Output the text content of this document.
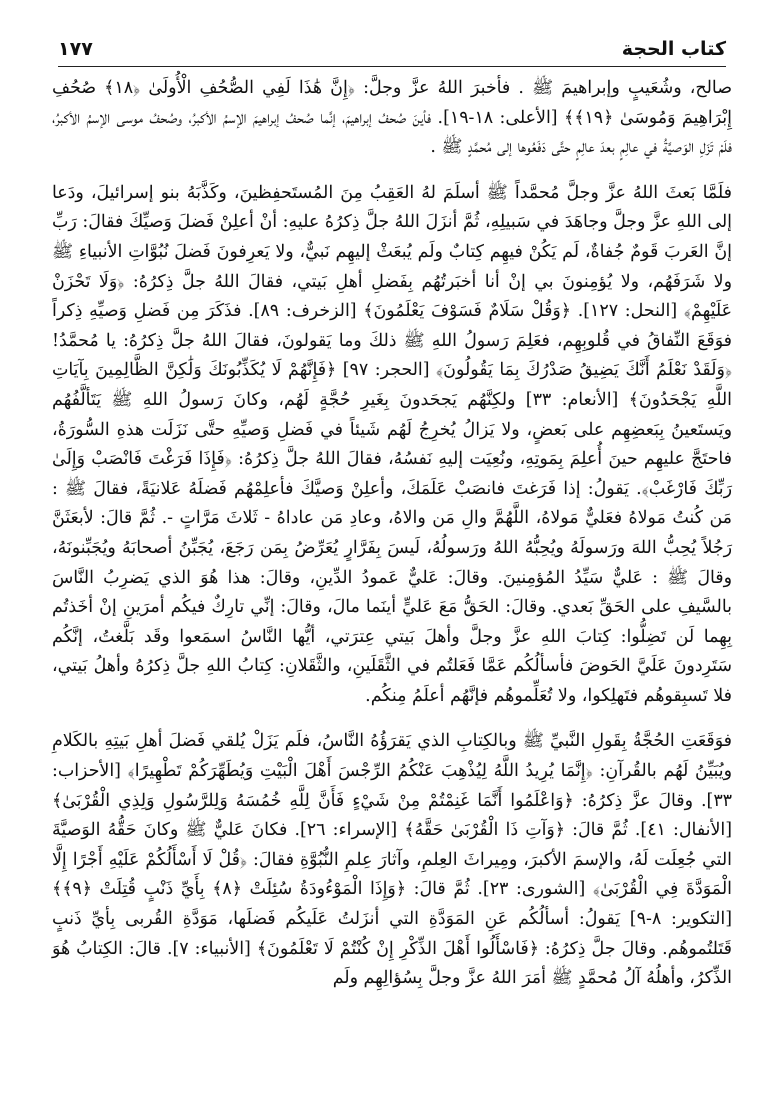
كتاب الحجة
١٧٧

صالح، وشُعَيبٍ وإبراهيمَ ﷺ . فأخبرَ اللهُ عزَّ وجلَّ: ﴿إِنَّ هَٰذَا لَفِي الصُّحُفِ الْأُولَىٰ ﴿١٨﴾ صُحُفِ إِبْرَاهِيمَ وَمُوسَىٰ ﴿١٩﴾﴾ [الأعلى: ١٨-١٩]. فأينَ صُحفُ إبراهيمَ، إنَّما صُحفُ إبراهيمَ الإسمُ الأكبرُ، وصُحفُ موسى الإسمُ الأكبرُ، فلَمْ تَزَلِ الوَصيَّةُ في عالِمٍ بعدَ عالِمٍ حتَّى دَفَعُوها إلى مُحمَّدٍ ﷺ .

فلَمَّا بَعثَ اللهُ عزَّ وجلَّ مُحمَّداً ﷺ أسلَمَ لهُ العَقِبُ مِنَ المُستَحفِظينَ، وكَذَّبَهُ بنو إسرائيلَ، ودَعا إلى اللهِ عزَّ وجلَّ وجاهَدَ في سَبيلِهِ، ثُمَّ أنزَلَ اللهُ جلَّ ذِكرُهُ عليهِ: أنْ أعلِنْ فَضلَ وَصيِّكَ فقالَ: رَبِّ إنَّ العَربَ قَومٌ جُفاةٌ، لَم يَكُنْ فيهِم كِتابٌ ولَم يُبعَثْ إليهِم نَبيٌّ، ولا يَعرِفونَ فَضلَ نُبُوَّاتِ الأنبياءِ ﷺ ولا شَرَفَهُم، ولا يُؤمِنونَ بي إنْ أنا أخبَرتُهُم بِفَضلِ أهلِ بَيتي، فقالَ اللهُ جلَّ ذِكرُهُ: ﴿وَلَا تَحْزَنْ عَلَيْهِمْ﴾ [النحل: ١٢٧]. ﴿وَقُلْ سَلَامٌ فَسَوْفَ يَعْلَمُونَ﴾ [الزخرف: ٨٩]. فذَكَرَ مِن فَضلِ وَصيِّهِ ذِكراً فوَقَعَ النِّفاقُ في قُلوبِهِم، فعَلِمَ رَسولُ اللهِ ﷺ ذلكَ وما يَقولونَ، فقالَ اللهُ جلَّ ذِكرُهُ: يا مُحمَّدُ! ﴿وَلَقَدْ نَعْلَمُ أَنَّكَ يَضِيقُ صَدْرُكَ بِمَا يَقُولُونَ﴾ [الحجر: ٩٧] ﴿فَإِنَّهُمْ لَا يُكَذِّبُونَكَ وَلَٰكِنَّ الظَّالِمِينَ بِآيَاتِ اللَّهِ يَجْحَدُونَ﴾ [الأنعام: ٣٣] ولكِنَّهُم يَجحَدونَ بِغَيرِ حُجَّةٍ لَهُم، وكانَ رَسولُ اللهِ ﷺ يَتَألَّفُهُم ويَستَعينُ بِبَعضِهِم على بَعضٍ، ولا يَزالُ يُخرِجُ لَهُم شَيئاً في فَضلِ وَصيِّهِ حتَّى نَزَلَت هذهِ السُّورَةُ، فاحتَجَّ عليهِم حينَ أُعلِمَ بِمَوتِهِ، ونُعِيَت إليهِ نَفسُهُ، فقالَ اللهُ جلَّ ذِكرُهُ: ﴿فَإِذَا فَرَغْتَ فَانْصَبْ وَإِلَىٰ رَبِّكَ فَارْغَبْ﴾. يَقولُ: إذا فَرَغتَ فانصَبْ عَلَمَكَ، وأعلِنْ وَصيَّكَ فأعلِمْهُم فَضلَهُ عَلانيَةً، فقالَ ﷺ : مَن كُنتُ مَولاهُ فعَليٌّ مَولاهُ، اللَّهُمَّ والِ مَن والاهُ، وعادِ مَن عاداهُ - ثَلاثَ مَرَّاتٍ -. ثُمَّ قالَ: لأبعَثَنَّ رَجُلاً يُحِبُّ اللهَ ورَسولَهُ ويُحِبُّهُ اللهُ ورَسولُهُ، لَيسَ بِفَرَّارٍ يُعَرِّضُ بِمَن رَجَعَ، يُجَبِّنُ أصحابَهُ ويُجَبِّنونَهُ، وقالَ ﷺ : عَليٌّ سَيِّدُ المُؤمِنينَ. وقالَ: عَليٌّ عَمودُ الدِّينِ، وقالَ: هذا هُوَ الذي يَضرِبُ النَّاسَ بالسَّيفِ على الحَقِّ بَعدي. وقالَ: الحَقُّ مَعَ عَليٍّ أينَما مالَ، وقالَ: إنِّي تارِكٌ فيكُم أمرَينِ إنْ أخَذتُم بِهِما لَن تَضِلُّوا: كِتابَ اللهِ عزَّ وجلَّ وأهلَ بَيتي عِترَتي، أيُّها النَّاسُ اسمَعوا وقَد بَلَّغتُ، إنَّكُم سَتَرِدونَ عَلَيَّ الحَوضَ فأسألُكُم عَمَّا فَعَلتُم في الثَّقَلَينِ، والثَّقَلانِ: كِتابُ اللهِ جلَّ ذِكرُهُ وأهلُ بَيتي، فلا تَسبِقوهُم فتَهلِكوا، ولا تُعَلِّموهُم فإنَّهُم أعلَمُ مِنكُم.

فوَقَعَتِ الحُجَّةُ بِقَولِ النَّبيِّ ﷺ وبالكِتابِ الذي يَقرَؤُهُ النَّاسُ، فلَم يَزَلْ يُلقي فَضلَ أهلِ بَيتِهِ بالكَلامِ ويُبَيِّنُ لَهُم بالقُرآنِ: ﴿إِنَّمَا يُرِيدُ اللَّهُ لِيُذْهِبَ عَنْكُمُ الرِّجْسَ أَهْلَ الْبَيْتِ وَيُطَهِّرَكُمْ تَطْهِيرًا﴾ [الأحزاب: ٣٣]. وقالَ عزَّ ذِكرُهُ: ﴿وَاعْلَمُوا أَنَّمَا غَنِمْتُمْ مِنْ شَيْءٍ فَأَنَّ لِلَّهِ خُمُسَهُ وَلِلرَّسُولِ وَلِذِي الْقُرْبَىٰ﴾ [الأنفال: ٤١]. ثُمَّ قالَ: ﴿وَآتِ ذَا الْقُرْبَىٰ حَقَّهُ﴾ [الإسراء: ٢٦]. فكانَ عَليٌّ ﷺ وكانَ حَقُّهُ الوَصيَّةَ التي جُعِلَت لَهُ، والإسمَ الأكبرَ، ومِيراثَ العِلمِ، وآثارَ عِلمِ النُّبُوَّةِ فقالَ: ﴿قُلْ لَا أَسْأَلُكُمْ عَلَيْهِ أَجْرًا إِلَّا الْمَوَدَّةَ فِي الْقُرْبَىٰ﴾ [الشورى: ٢٣]. ثُمَّ قالَ: ﴿وَإِذَا الْمَوْءُودَةُ سُئِلَتْ ﴿٨﴾ بِأَيِّ ذَنْبٍ قُتِلَتْ ﴿٩﴾﴾ [التكوير: ٨-٩] يَقولُ: أسألُكُم عَنِ المَوَدَّةِ التي أنزَلتُ عَلَيكُم فَضلَها، مَوَدَّةِ القُربى بِأيِّ ذَنبٍ قَتَلتُموهُم. وقالَ جلَّ ذِكرُهُ: ﴿فَاسْأَلُوا أَهْلَ الذِّكْرِ إِنْ كُنْتُمْ لَا تَعْلَمُونَ﴾ [الأنبياء: ٧]. قالَ: الكِتابُ هُوَ الذِّكرُ، وأهلُهُ آلُ مُحمَّدٍ ﷺ أمَرَ اللهُ عزَّ وجلَّ بِسُؤالِهِم ولَم
